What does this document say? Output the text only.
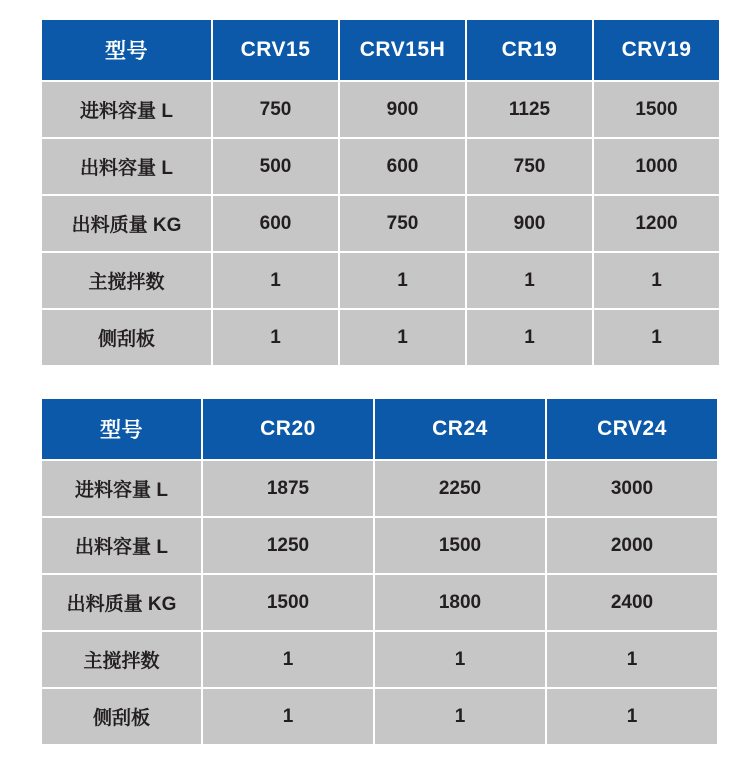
型号	CRV15	CRV15H	CR19	CRV19
进料容量 L	750	900	1125	1500
出料容量 L	500	600	750	1000
出料质量 KG	600	750	900	1200
主搅拌数	1	1	1	1
侧刮板	1	1	1	1
型号	CR20	CR24	CRV24
进料容量 L	1875	2250	3000
出料容量 L	1250	1500	2000
出料质量 KG	1500	1800	2400
主搅拌数	1	1	1
侧刮板	1	1	1
